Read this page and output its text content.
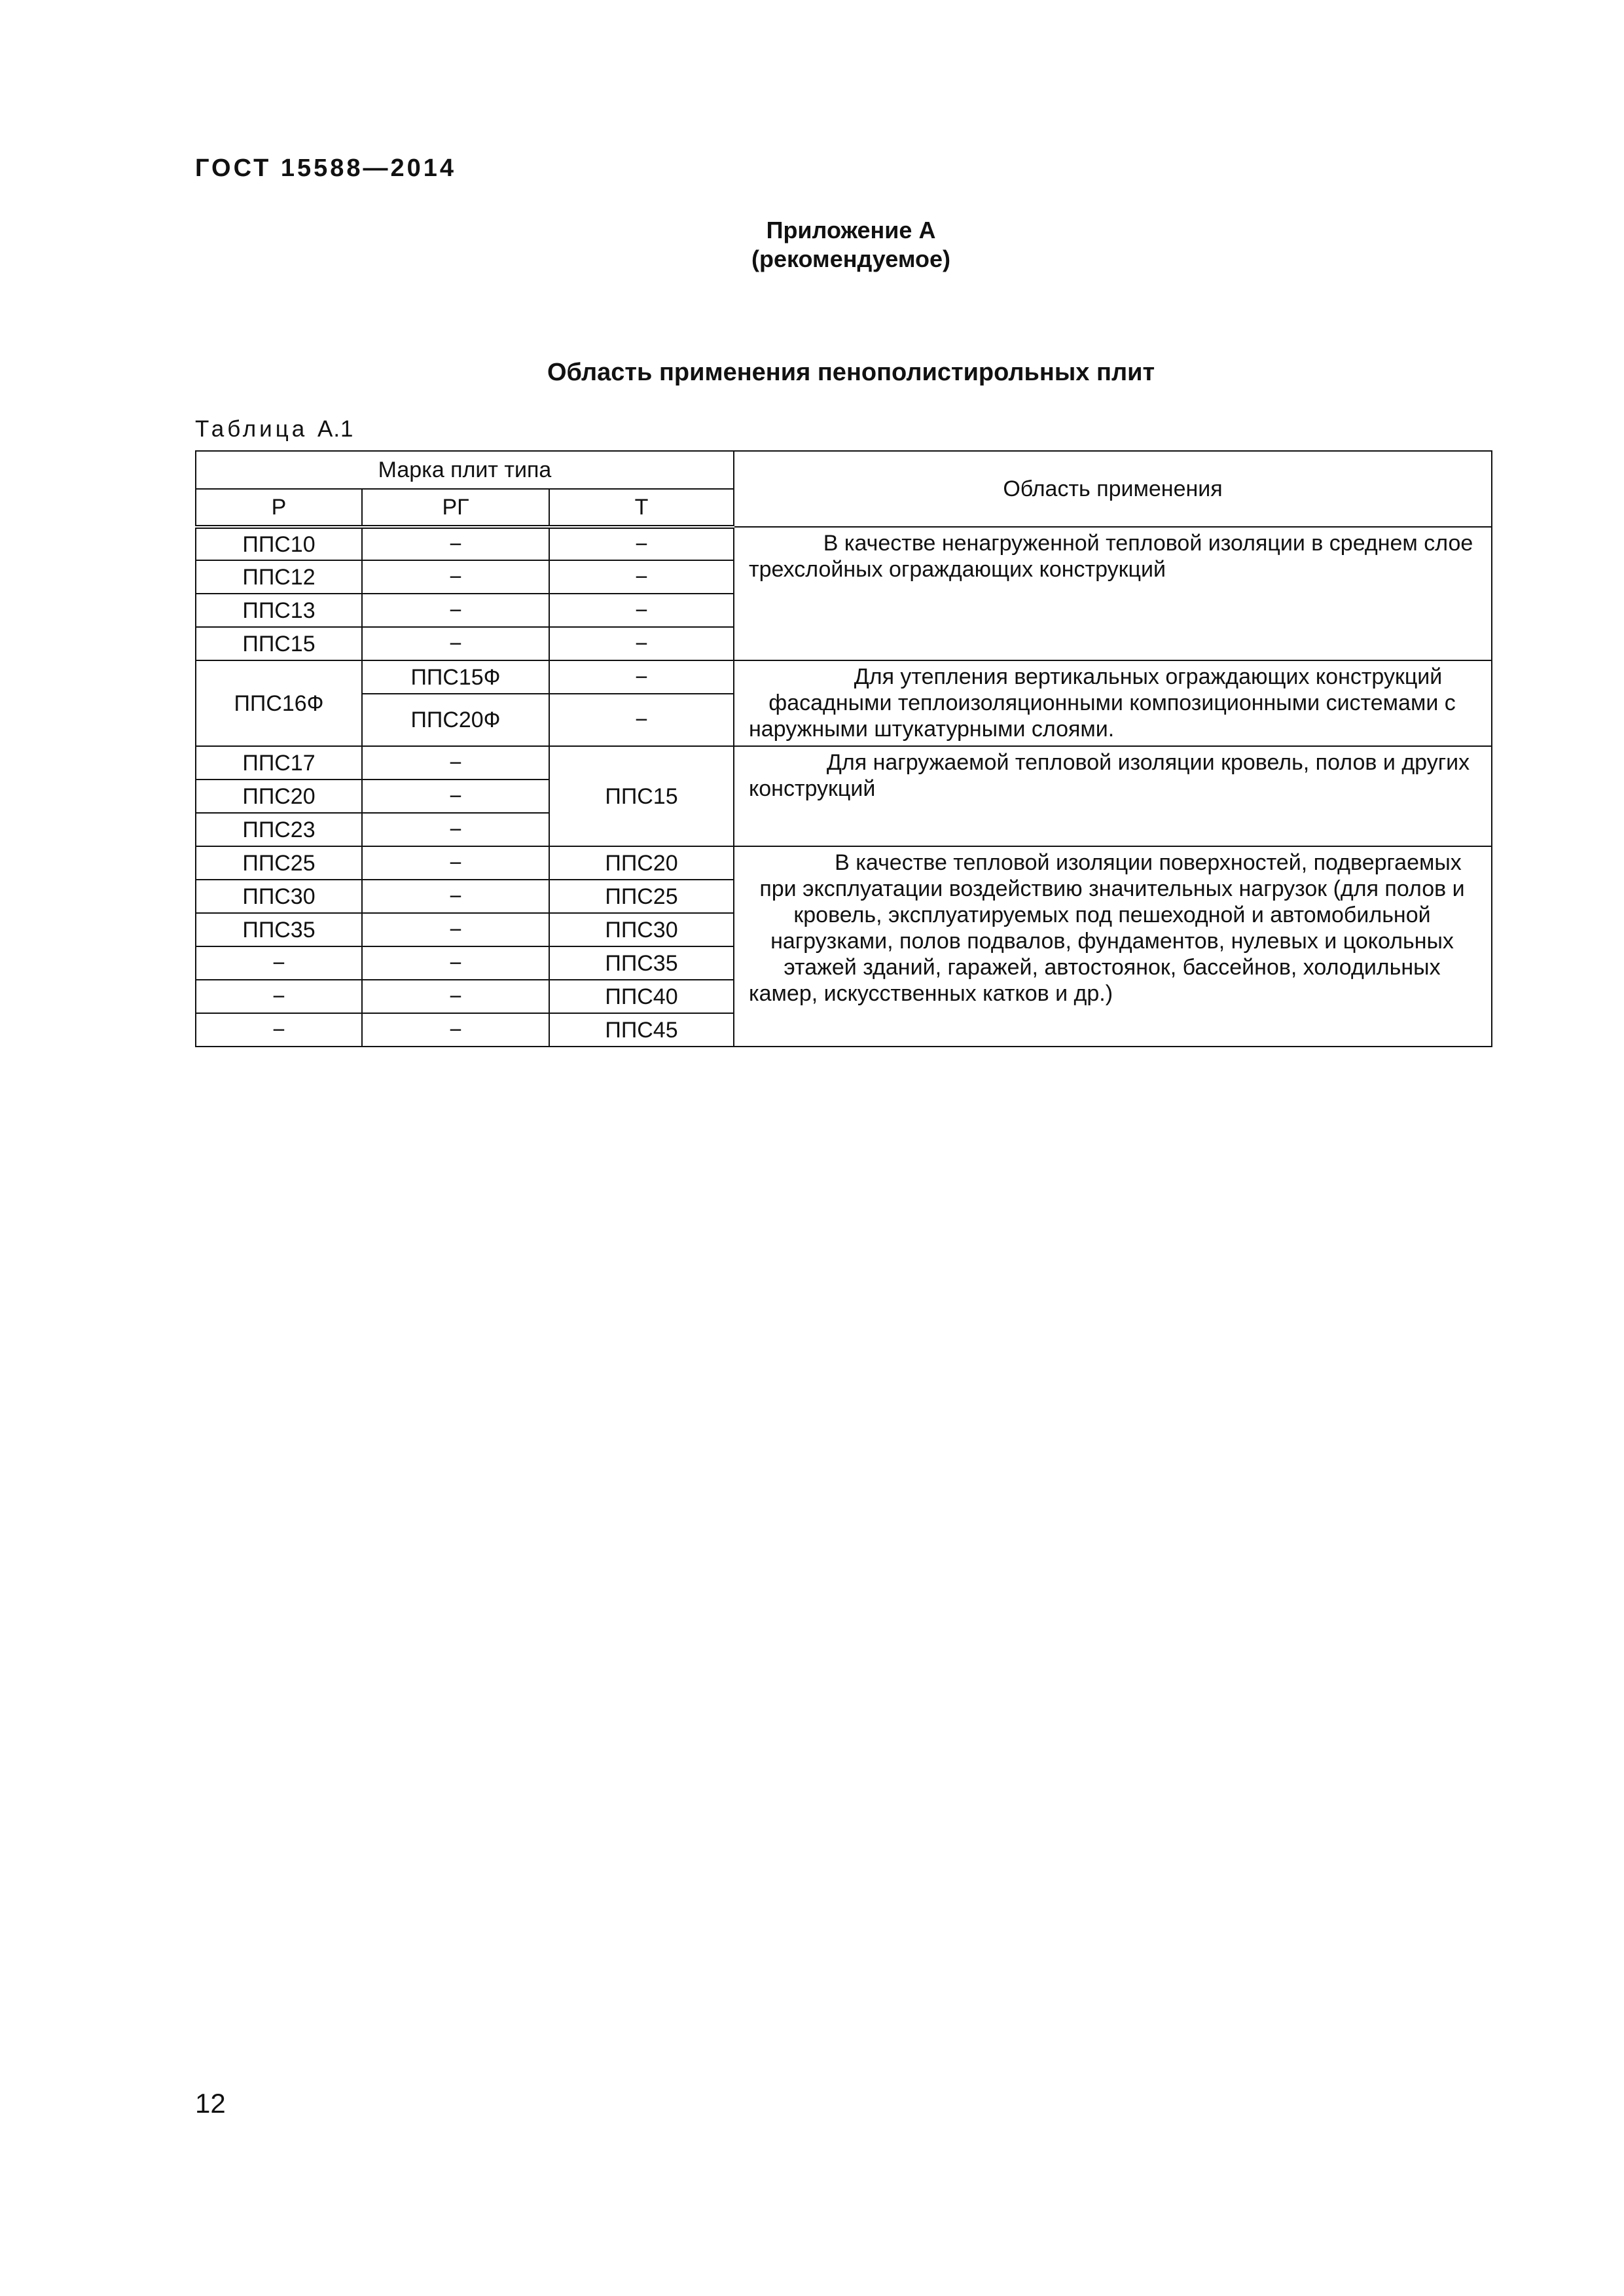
ГОСТ 15588—2014
Приложение А
(рекомендуемое)
Область применения пенополистирольных плит
Таблица А.1
Марка плит типа			Область применения
Р	РГ	Т	
ППС10	−	−	В качестве ненагруженной тепловой изоляции в среднем слое трехслойных ограждающих конструкций
ППС12	−	−	
ППС13	−	−	
ППС15	−	−	
ППС16Ф	ППС15Ф	−	Для утепления вертикальных ограждающих конструкций фасадными теплоизоляционными композиционными системами с наружными штукатурными слоями.
	ППС20Ф	−	
ППС17	−	ППС15	Для нагружаемой тепловой изоляции кровель, полов и других конструкций
ППС20	−		
ППС23	−		
ППС25	−	ППС20	В качестве тепловой изоляции поверхностей, подвергаемых при эксплуатации воздействию значительных нагрузок (для полов и кровель, эксплуатируемых под пешеходной и автомобильной нагрузками, полов подвалов, фундаментов, нулевых и цокольных этажей зданий, гаражей, автостоянок, бассейнов, холодильных камер, искусственных катков и др.)
ППС30	−	ППС25	
ППС35	−	ППС30	
−	−	ППС35	
−	−	ППС40	
−	−	ППС45	
12
